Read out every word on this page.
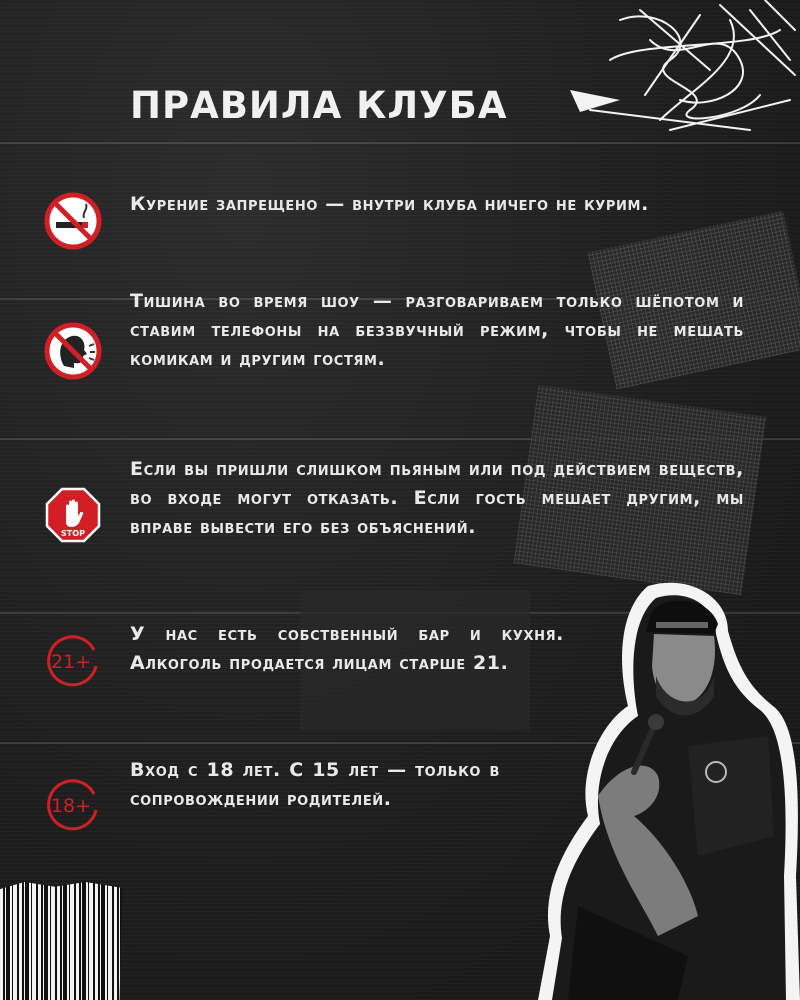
ПРАВИЛА КЛУБА
Курение запрещено — внутри клуба ничего не курим.
Тишина во время шоу — разговариваем только шёпотом и ставим телефоны на беззвучный режим, чтобы не мешать комикам и другим гостям.
STOP
Если вы пришли слишком пьяным или под действием веществ, во входе могут отказать. Если гость мешает другим, мы вправе вывести его без объяснений.
21+
У нас есть собственный бар и кухня. Алкоголь продается лицам старше 21.
18+
Вход с 18 лет. С 15 лет — только в сопровождении родителей.
